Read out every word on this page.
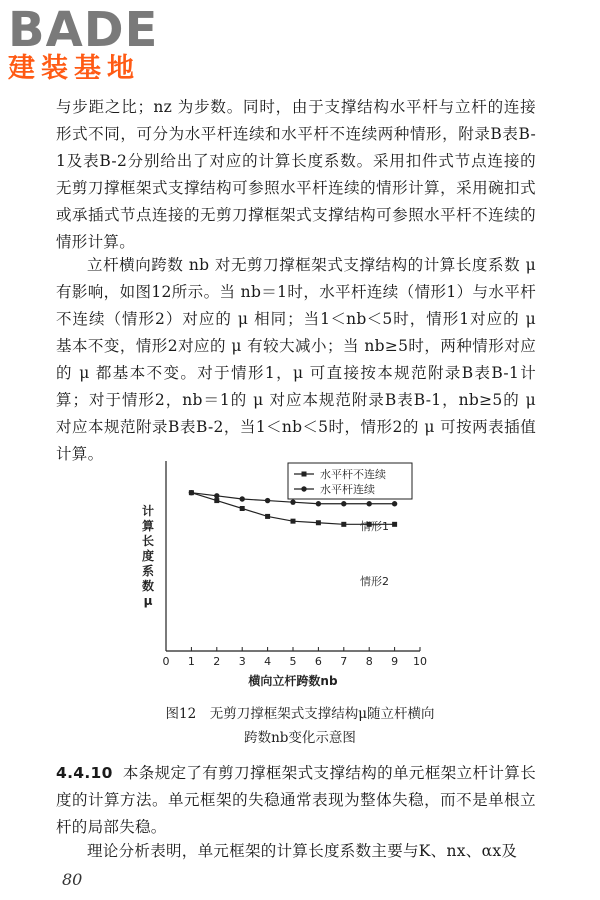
BADE
建装基地
与步距之比；nz 为步数。同时，由于支撑结构水平杆与立杆的连接形式不同，可分为水平杆连续和水平杆不连续两种情形，附录B表B-1及表B-2分别给出了对应的计算长度系数。采用扣件式节点连接的无剪刀撑框架式支撑结构可参照水平杆连续的情形计算，采用碗扣式或承插式节点连接的无剪刀撑框架式支撑结构可参照水平杆不连续的情形计算。
立杆横向跨数 nb 对无剪刀撑框架式支撑结构的计算长度系数 μ 有影响，如图12所示。当 nb＝1时，水平杆连续（情形1）与水平杆不连续（情形2）对应的 μ 相同；当1＜nb＜5时，情形1对应的 μ 基本不变，情形2对应的 μ 有较大减小；当 nb≥5时，两种情形对应的 μ 都基本不变。对于情形1，μ 可直接按本规范附录B表B-1计算；对于情形2，nb＝1的 μ 对应本规范附录B表B-1，nb≥5的 μ 对应本规范附录B表B-2，当1＜nb＜5时，情形2的 μ 可按两表插值计算。
0 1 2 3 4 5 6 7 8 9 10
横向立杆跨数nb
计算长度系数 μ
水平杆不连续
水平杆连续
情形1
情形2
图12　无剪刀撑框架式支撑结构μ随立杆横向
跨数nb变化示意图
4.4.10 本条规定了有剪刀撑框架式支撑结构的单元框架立杆计算长度的计算方法。单元框架的失稳通常表现为整体失稳，而不是单根立杆的局部失稳。
理论分析表明，单元框架的计算长度系数主要与K、nx、αx及
80
